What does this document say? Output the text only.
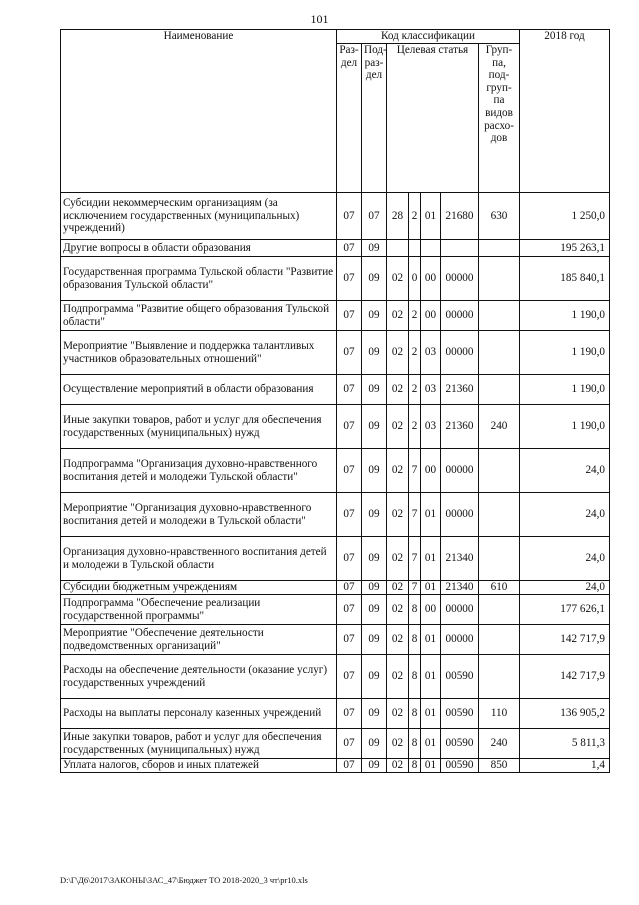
101
Наименование	Код классификации							2018 год
	Раз-дел	Под-раз-дел	Целевая статья				Груп-па, под-груп-па видов расхо-дов	
Субсидии некоммерческим организациям (за исключением государственных (муниципальных) учреждений)	07	07	28	2	01	21680	630	1 250,0
Другие вопросы в области образования	07	09						195 263,1
Государственная программа Тульской области "Развитие образования Тульской области"	07	09	02	0	00	00000		185 840,1
Подпрограмма "Развитие общего образования Тульской области"	07	09	02	2	00	00000		1 190,0
Мероприятие "Выявление и поддержка талантливых участников образовательных отношений"	07	09	02	2	03	00000		1 190,0
Осуществление мероприятий в области образования	07	09	02	2	03	21360		1 190,0
Иные закупки товаров, работ и услуг для обеспечения государственных (муниципальных) нужд	07	09	02	2	03	21360	240	1 190,0
Подпрограмма "Организация духовно-нравственного воспитания детей и молодежи Тульской области"	07	09	02	7	00	00000		24,0
Мероприятие "Организация духовно-нравственного воспитания детей и молодежи в Тульской области"	07	09	02	7	01	00000		24,0
Организация духовно-нравственного воспитания детей и молодежи в Тульской области	07	09	02	7	01	21340		24,0
Субсидии бюджетным учреждениям	07	09	02	7	01	21340	610	24,0
Подпрограмма "Обеспечение реализации государственной программы"	07	09	02	8	00	00000		177 626,1
Мероприятие "Обеспечение деятельности подведомственных организаций"	07	09	02	8	01	00000		142 717,9
Расходы на обеспечение деятельности (оказание услуг) государственных учреждений	07	09	02	8	01	00590		142 717,9
Расходы на выплаты персоналу казенных учреждений	07	09	02	8	01	00590	110	136 905,2
Иные закупки товаров, работ и услуг для обеспечения государственных (муниципальных) нужд	07	09	02	8	01	00590	240	5 811,3
Уплата налогов, сборов и иных платежей	07	09	02	8	01	00590	850	1,4
D:\Г\Д6\2017\ЗАКОНЫ\ЗАС_47\Бюджет ТО 2018-2020_3 чт\pr10.xls
